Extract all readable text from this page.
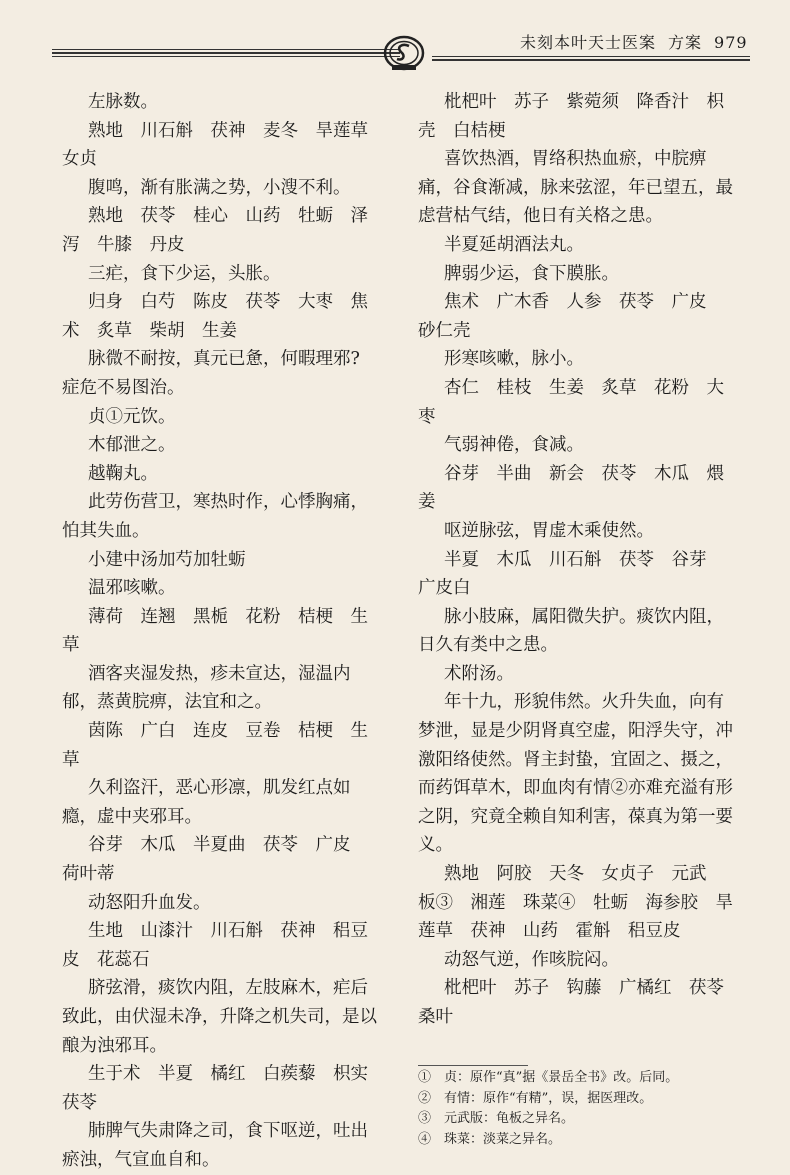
未刻本叶天士医案 方案 979
左脉数。
熟地　川石斛　茯神　麦冬　旱莲草
女贞
腹鸣，渐有胀满之势，小溲不利。
熟地　茯苓　桂心　山药　牡蛎　泽
泻　牛膝　丹皮
三疟，食下少运，头胀。
归身　白芍　陈皮　茯苓　大枣　焦
术　炙草　柴胡　生姜
脉微不耐按，真元已惫，何暇理邪?
症危不易图治。
贞①元饮。
木郁泄之。
越鞠丸。
此劳伤营卫，寒热时作，心悸胸痛，
怕其失血。
小建中汤加芍加牡蛎
温邪咳嗽。
薄荷　连翘　黑栀　花粉　桔梗　生
草
酒客夹湿发热，疹未宣达，湿温内
郁，蒸黄脘痹，法宜和之。
茵陈　广白　连皮　豆卷　桔梗　生
草
久利盗汗，恶心形凛，肌发红点如
瘾，虚中夹邪耳。
谷芽　木瓜　半夏曲　茯苓　广皮
荷叶蒂
动怒阳升血发。
生地　山漆汁　川石斛　茯神　稆豆
皮　花蕊石
脐弦滑，痰饮内阻，左肢麻木，疟后
致此，由伏湿未净，升降之机失司，是以
酿为浊邪耳。
生于术　半夏　橘红　白蒺藜　枳实
茯苓
肺脾气失肃降之司，食下呕逆，吐出
瘀浊，气宣血自和。
枇杷叶　苏子　紫菀须　降香汁　枳
壳　白桔梗
喜饮热酒，胃络积热血瘀，中脘痹
痛，谷食渐减，脉来弦涩，年已望五，最
虑营枯气结，他日有关格之患。
半夏延胡酒法丸。
脾弱少运，食下膜胀。
焦术　广木香　人参　茯苓　广皮
砂仁壳
形寒咳嗽，脉小。
杏仁　桂枝　生姜　炙草　花粉　大
枣
气弱神倦，食减。
谷芽　半曲　新会　茯苓　木瓜　煨
姜
呕逆脉弦，胃虚木乘使然。
半夏　木瓜　川石斛　茯苓　谷芽
广皮白
脉小肢麻，属阳微失护。痰饮内阻，
日久有类中之患。
术附汤。
年十九，形貌伟然。火升失血，向有
梦泄，显是少阴肾真空虚，阳浮失守，冲
激阳络使然。肾主封蛰，宜固之、摄之，
而药饵草木，即血肉有情②亦难充溢有形
之阴，究竟全赖自知利害，葆真为第一要
义。
熟地　阿胶　天冬　女贞子　元武
板③　湘莲　珠菜④　牡蛎　海参胶　旱
莲草　茯神　山药　霍斛　稆豆皮
动怒气逆，作咳脘闷。
枇杷叶　苏子　钩藤　广橘红　茯苓
桑叶
①　贞：原作“真”据《景岳全书》改。后同。
②　有情：原作“有精”，误，据医理改。
③　元武版：龟板之异名。
④　珠菜：淡菜之异名。
